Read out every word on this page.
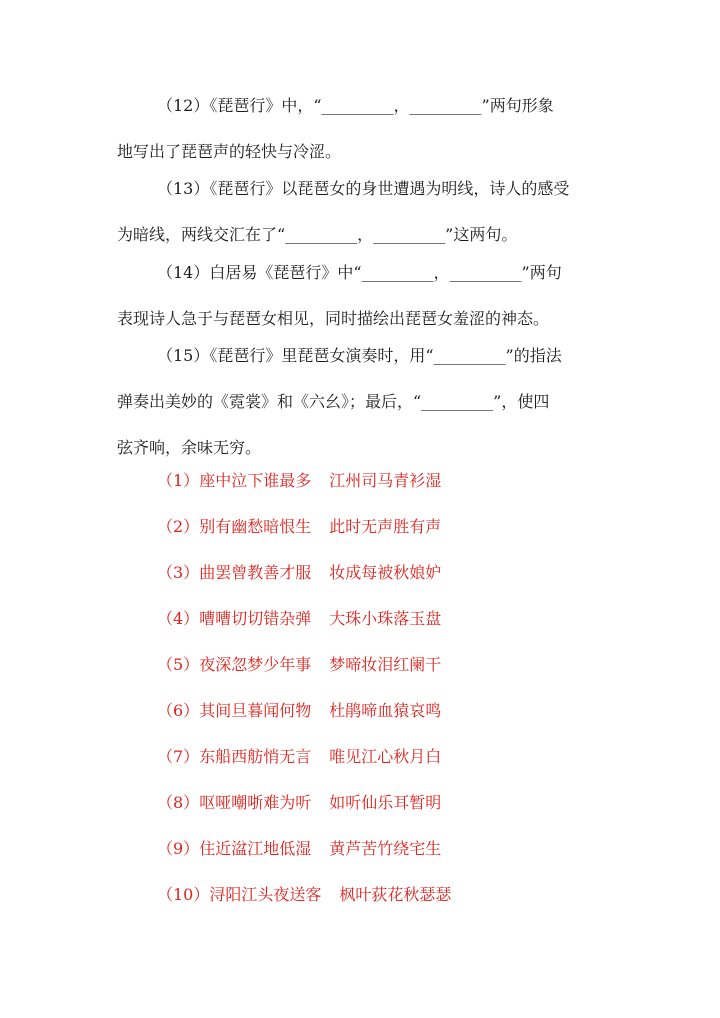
（12）《琵琶行》中，“_________，_________”两句形象
地写出了琵琶声的轻快与冷涩。
（13）《琵琶行》以琵琶女的身世遭遇为明线，诗人的感受
为暗线，两线交汇在了“_________，_________”这两句。
（14）白居易《琵琶行》中“_________，_________”两句
表现诗人急于与琵琶女相见，同时描绘出琵琶女羞涩的神态。
（15）《琵琶行》里琵琶女演奏时，用“_________”的指法
弹奏出美妙的《霓裳》和《六幺》；最后，“_________”，使四
弦齐响，余味无穷。
（1）座中泣下谁最多 江州司马青衫湿
（2）别有幽愁暗恨生 此时无声胜有声
（3）曲罢曾教善才服 妆成每被秋娘妒
（4）嘈嘈切切错杂弹 大珠小珠落玉盘
（5）夜深忽梦少年事 梦啼妆泪红阑干
（6）其间旦暮闻何物 杜鹃啼血猿哀鸣
（7）东船西舫悄无言 唯见江心秋月白
（8）呕哑嘲哳难为听 如听仙乐耳暂明
（9）住近湓江地低湿 黄芦苦竹绕宅生
（10）浔阳江头夜送客 枫叶荻花秋瑟瑟
